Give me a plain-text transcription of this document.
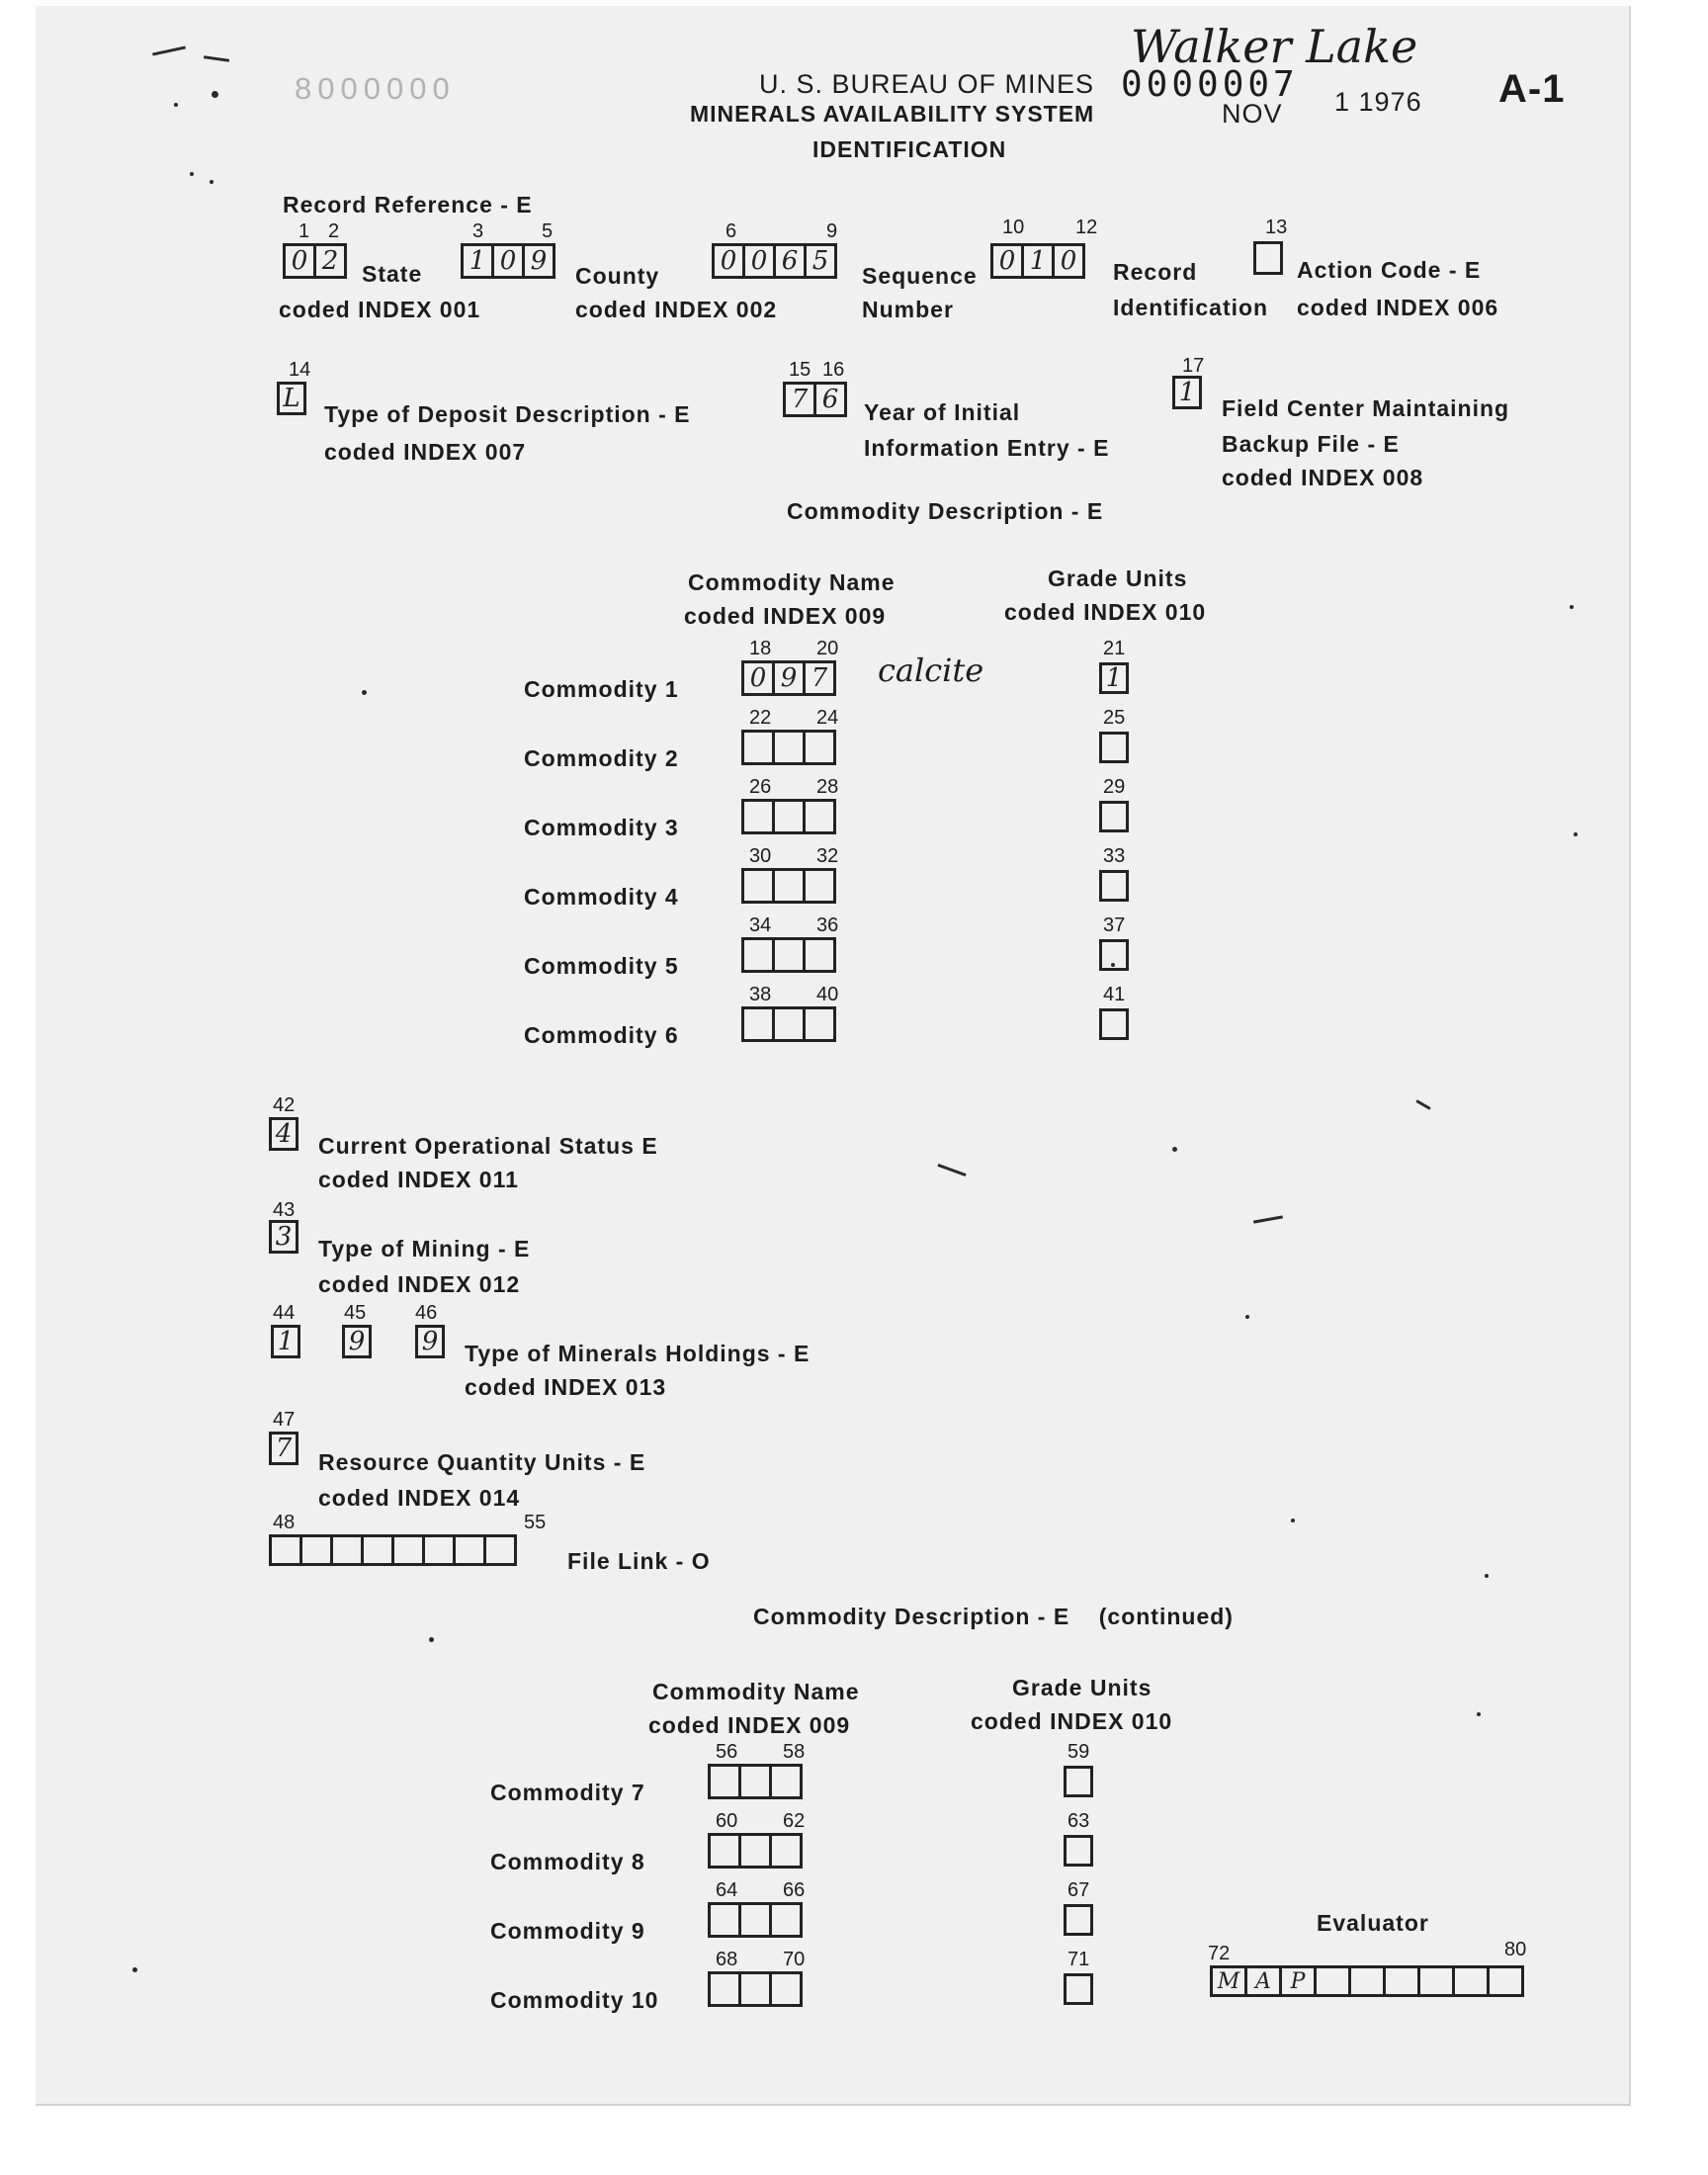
8000000	U. S. BUREAU OF MINES
MINERALS AVAILABILITY SYSTEM
IDENTIFICATION
0000007
NOV 1 1976
Walker Lake
A-1
Record Reference - E
1 2
0 2	State
coded INDEX 001
3	5
1 0 9	County
coded INDEX 002
6	9
0 0 6 5	Sequence
Number
10	12
0 1 0	Record
Identification
13
Action Code - E
coded INDEX 006
14
L
Type of Deposit Description - E
coded INDEX 007
15 16
7 6	Year of Initial
Information Entry - E
17
1
Field Center Maintaining
Backup File - E
coded INDEX 008
Commodity Description - E
Commodity Name
coded INDEX 009
Grade Units
coded INDEX 010
42
4 Current Operational Status E
coded INDEX 011
43
3 Type of Mining - E
coded INDEX 012
44 45 46
1 9 9 Type of Minerals Holdings - E
coded INDEX 013
47
7 Resource Quantity Units - E
coded INDEX 014
48	55
File Link - O
Commodity Description - E    (continued)
Commodity Name
coded INDEX 009
Grade Units
coded INDEX 010
Evaluator
72	80
M A P
Commodity 1
18 20
0 9 7
21
1
calcite
Commodity 2
22 24	25
Commodity 3
26 28	29
Commodity 4
30 32	33
Commodity 5
34 36	37
Commodity 6
38 40	41
Commodity 7
56 58	59
Commodity 8
60 62	63
Commodity 9
64 66	67
Commodity 10
68 70	71
